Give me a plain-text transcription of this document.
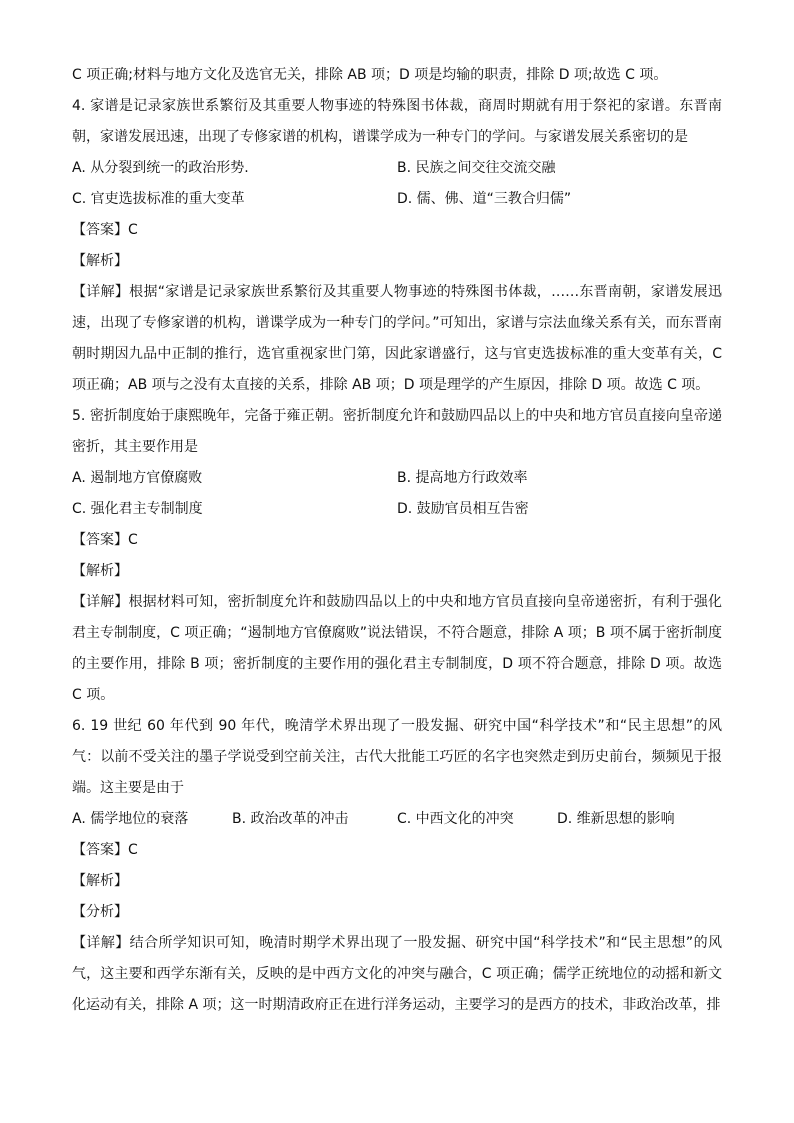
C 项正确;材料与地方文化及选官无关，排除 AB 项；D 项是均输的职责，排除 D 项;故选 C 项。
4. 家谱是记录家族世系繁衍及其重要人物事迹的特殊图书体裁，商周时期就有用于祭祀的家谱。东晋南朝，家谱发展迅速，出现了专修家谱的机构，谱谍学成为一种专门的学问。与家谱发展关系密切的是
A. 从分裂到统一的政治形势.	B. 民族之间交往交流交融
C. 官吏选拔标准的重大变革	D. 儒、佛、道“三教合归儒”
【答案】C
【解析】
【详解】根据“家谱是记录家族世系繁衍及其重要人物事迹的特殊图书体裁，……东晋南朝，家谱发展迅速，出现了专修家谱的机构，谱谍学成为一种专门的学问。”可知出，家谱与宗法血缘关系有关，而东晋南朝时期因九品中正制的推行，选官重视家世门第，因此家谱盛行，这与官吏选拔标准的重大变革有关，C 项正确；AB 项与之没有太直接的关系，排除 AB 项；D 项是理学的产生原因，排除 D 项。故选 C 项。
5. 密折制度始于康熙晚年，完备于雍正朝。密折制度允许和鼓励四品以上的中央和地方官员直接向皇帝递密折，其主要作用是
A. 遏制地方官僚腐败	B. 提高地方行政效率
C. 强化君主专制制度	D. 鼓励官员相互告密
【答案】C
【解析】
【详解】根据材料可知，密折制度允许和鼓励四品以上的中央和地方官员直接向皇帝递密折，有利于强化君主专制制度，C 项正确；“遏制地方官僚腐败”说法错误，不符合题意，排除 A 项；B 项不属于密折制度的主要作用，排除 B 项；密折制度的主要作用的强化君主专制制度，D 项不符合题意，排除 D 项。故选 C 项。
6. 19 世纪 60 年代到 90 年代，晚清学术界出现了一股发掘、研究中国“科学技术”和“民主思想”的风气：以前不受关注的墨子学说受到空前关注，古代大批能工巧匠的名字也突然走到历史前台，频频见于报端。这主要是由于
A. 儒学地位的衰落	B. 政治改革的冲击	C. 中西文化的冲突	D. 维新思想的影响
【答案】C
【解析】
【分析】
【详解】结合所学知识可知，晚清时期学术界出现了一股发掘、研究中国“科学技术”和“民主思想”的风气，这主要和西学东渐有关，反映的是中西方文化的冲突与融合，C 项正确；儒学正统地位的动摇和新文化运动有关，排除 A 项；这一时期清政府正在进行洋务运动，主要学习的是西方的技术，非政治改革，排
